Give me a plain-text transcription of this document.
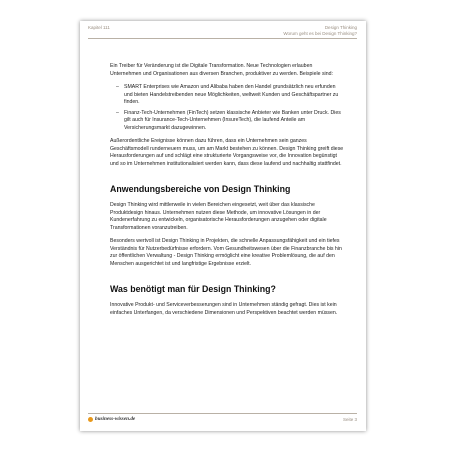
Kapitel 111	Design Thinking
Worum geht es bei Design Thinking?

Ein Treiber für Veränderung ist die Digitale Transformation. Neue Technologien erlauben Unternehmen und Organisationen aus diversen Branchen, produktiver zu werden. Beispiele sind:

– SMART Enterprises wie Amazon und Alibaba haben den Handel grundsätzlich neu erfunden und bieten Handelstreibenden neue Möglichkeiten, weltweit Kunden und Geschäftspartner zu finden.
– Finanz-Tech-Unternehmen (FinTech) setzen klassische Anbieter wie Banken unter Druck. Dies gilt auch für Insurance-Tech-Unternehmen (InsureTech), die laufend Anteile am Versicherungsmarkt dazugewinnen.

Außerordentliche Ereignisse können dazu führen, dass ein Unternehmen sein ganzes Geschäftsmodell runderneuern muss, um am Markt bestehen zu können. Design Thinking greift diese Herausforderungen auf und schlägt eine strukturierte Vorgangsweise vor, die Innovation begünstigt und so im Unternehmen institutionalisiert werden kann, dass diese laufend und nachhaltig stattfindet.

Anwendungsbereiche von Design Thinking

Design Thinking wird mittlerweile in vielen Bereichen eingesetzt, weit über das klassische Produktdesign hinaus. Unternehmen nutzen diese Methode, um innovative Lösungen in der Kundenerfahrung zu entwickeln, organisatorische Herausforderungen anzugehen oder digitale Transformationen voranzutreiben.

Besonders wertvoll ist Design Thinking in Projekten, die schnelle Anpassungsfähigkeit und ein tiefes Verständnis für Nutzerbedürfnisse erfordern. Vom Gesundheitswesen über die Finanzbranche bis hin zur öffentlichen Verwaltung - Design Thinking ermöglicht eine kreative Problemlösung, die auf den Menschen ausgerichtet ist und langfristige Ergebnisse erzielt.

Was benötigt man für Design Thinking?

Innovative Produkt- und Serviceverbesserungen sind in Unternehmen ständig gefragt. Dies ist kein einfaches Unterfangen, da verschiedene Dimensionen und Perspektiven beachtet werden müssen.

business-wissen.de	Seite 3
